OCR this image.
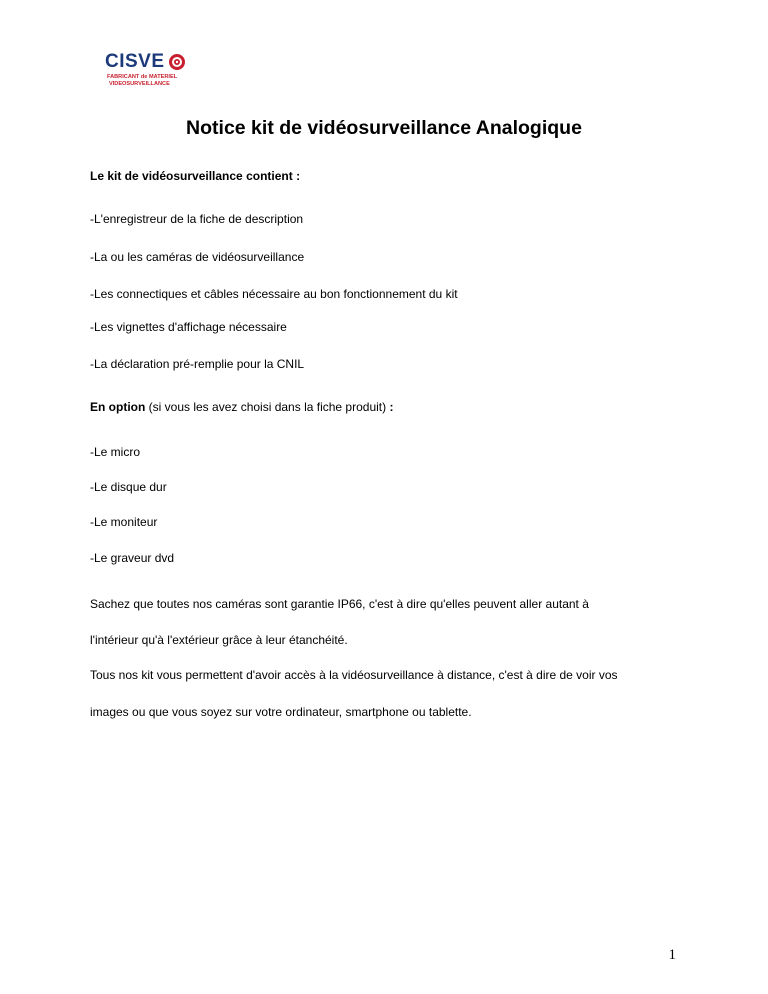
CISVE
FABRICANT de MATERIEL
VIDEOSURVEILLANCE
Notice kit de vidéosurveillance Analogique

Le kit de vidéosurveillance contient :

-L'enregistreur de la fiche de description

-La ou les caméras de vidéosurveillance

-Les connectiques et câbles nécessaire au bon fonctionnement du kit

-Les vignettes d'affichage nécessaire

-La déclaration pré-remplie pour la CNIL

En option (si vous les avez choisi dans la fiche produit) :

-Le micro

-Le disque dur

-Le moniteur

-Le graveur dvd

Sachez que toutes nos caméras sont garantie IP66, c'est à dire qu'elles peuvent aller autant à

l'intérieur qu'à l'extérieur grâce à leur étanchéité.

Tous nos kit vous permettent d'avoir accès à la vidéosurveillance à distance, c'est à dire de voir vos

images ou que vous soyez sur votre ordinateur, smartphone ou tablette.

1
